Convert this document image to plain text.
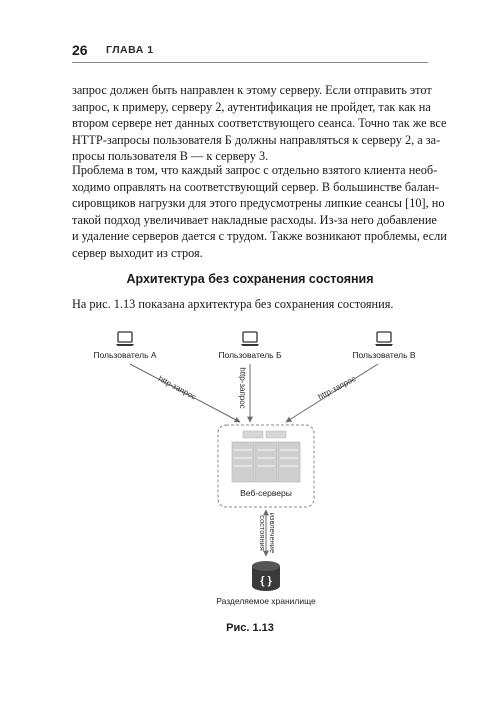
26 ГЛАВА 1
запрос должен быть направлен к этому серверу. Если отправить этот
запрос, к примеру, серверу 2, аутентификация не пройдет, так как на
втором сервере нет данных соответствующего сеанса. Точно так же все
HTTP-запросы пользователя Б должны направляться к серверу 2, а за-
просы пользователя В — к серверу 3.
Проблема в том, что каждый запрос с отдельно взятого клиента необ-
ходимо оправлять на соответствующий сервер. В большинстве балан-
сировщиков нагрузки для этого предусмотрены липкие сеансы [10], но
такой подход увеличивает накладные расходы. Из-за него добавление
и удаление серверов дается с трудом. Также возникают проблемы, если
сервер выходит из строя.
Архитектура без сохранения состояния
На рис. 1.13 показана архитектура без сохранения состояния.
Пользователь A	Пользователь Б	Пользователь В
http-запрос	http-запрос	http-запрос
Веб-серверы
извлечение
состояния
{ }
Разделяемое хранилище
Рис. 1.13
